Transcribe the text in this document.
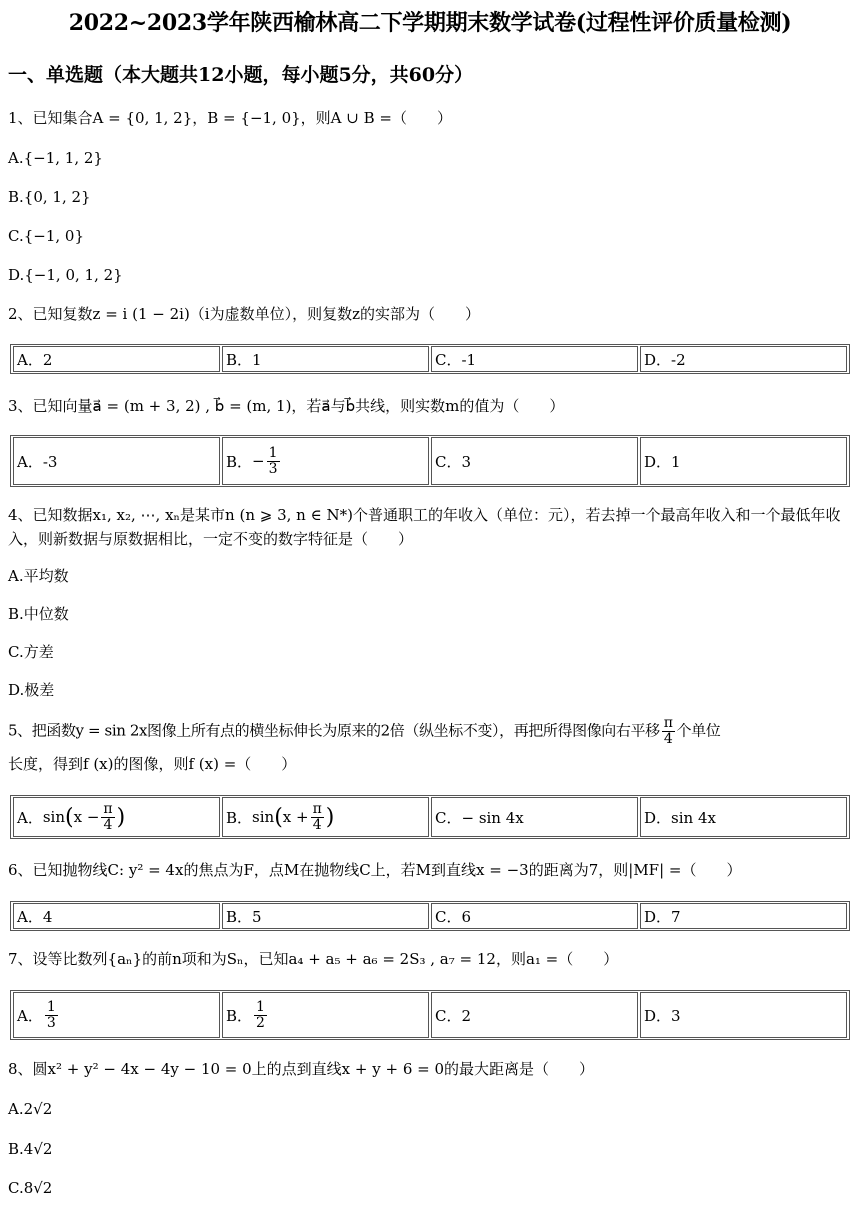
2022~2023学年陕西榆林高二下学期期末数学试卷(过程性评价质量检测)
一、单选题（本大题共12小题，每小题5分，共60分）
1、已知集合A = {0, 1, 2}，B = {−1, 0}，则A ∪ B =（　　）
A.{−1, 1, 2}
B.{0, 1, 2}
C.{−1, 0}
D.{−1, 0, 1, 2}
2、已知复数z = i (1 − 2i)（i为虚数单位），则复数z的实部为（　　）
A．2	B．1	C．-1	D．-2
3、已知向量a⃗ = (m + 3, 2) , b⃗ = (m, 1)，若a⃗与b⃗共线，则实数m的值为（　　）
A．-3	B． − $\frac{1}{3}$	C．3	D．1
4、已知数据x₁, x₂, ⋯, xₙ是某市n (n ⩾ 3, n ∈ N*)个普通职工的年收入（单位：元），若去掉一个最高年收入和一个最低年收入，则新数据与原数据相比，一定不变的数字特征是（　　）
A.平均数
B.中位数
C.方差
D.极差
5、把函数y = sin 2x图像上所有点的横坐标伸长为原来的2倍（纵坐标不变），再把所得图像向右平移 $\frac{\pi}{4}$ 个单位
长度，得到f (x)的图像，则f (x) =（　　）
A． sin ( $x - \frac{\pi}{4}$ )	B． sin ( $x + \frac{\pi}{4}$ )	C．− sin 4x	D．sin 4x
6、已知抛物线C: y² = 4x的焦点为F，点M在抛物线C上，若M到直线x = −3的距离为7，则|MF| =（　　）
A．4	B．5	C．6	D．7
7、设等比数列{aₙ}的前n项和为Sₙ，已知a₄ + a₅ + a₆ = 2S₃ , a₇ = 12，则a₁ =（　　）
A． $\frac{1}{3}$	B． $\frac{1}{2}$	C．2	D．3
8、圆x² + y² − 4x − 4y − 10 = 0上的点到直线x + y + 6 = 0的最大距离是（　　）
A.2√2
B.4√2
C.8√2
